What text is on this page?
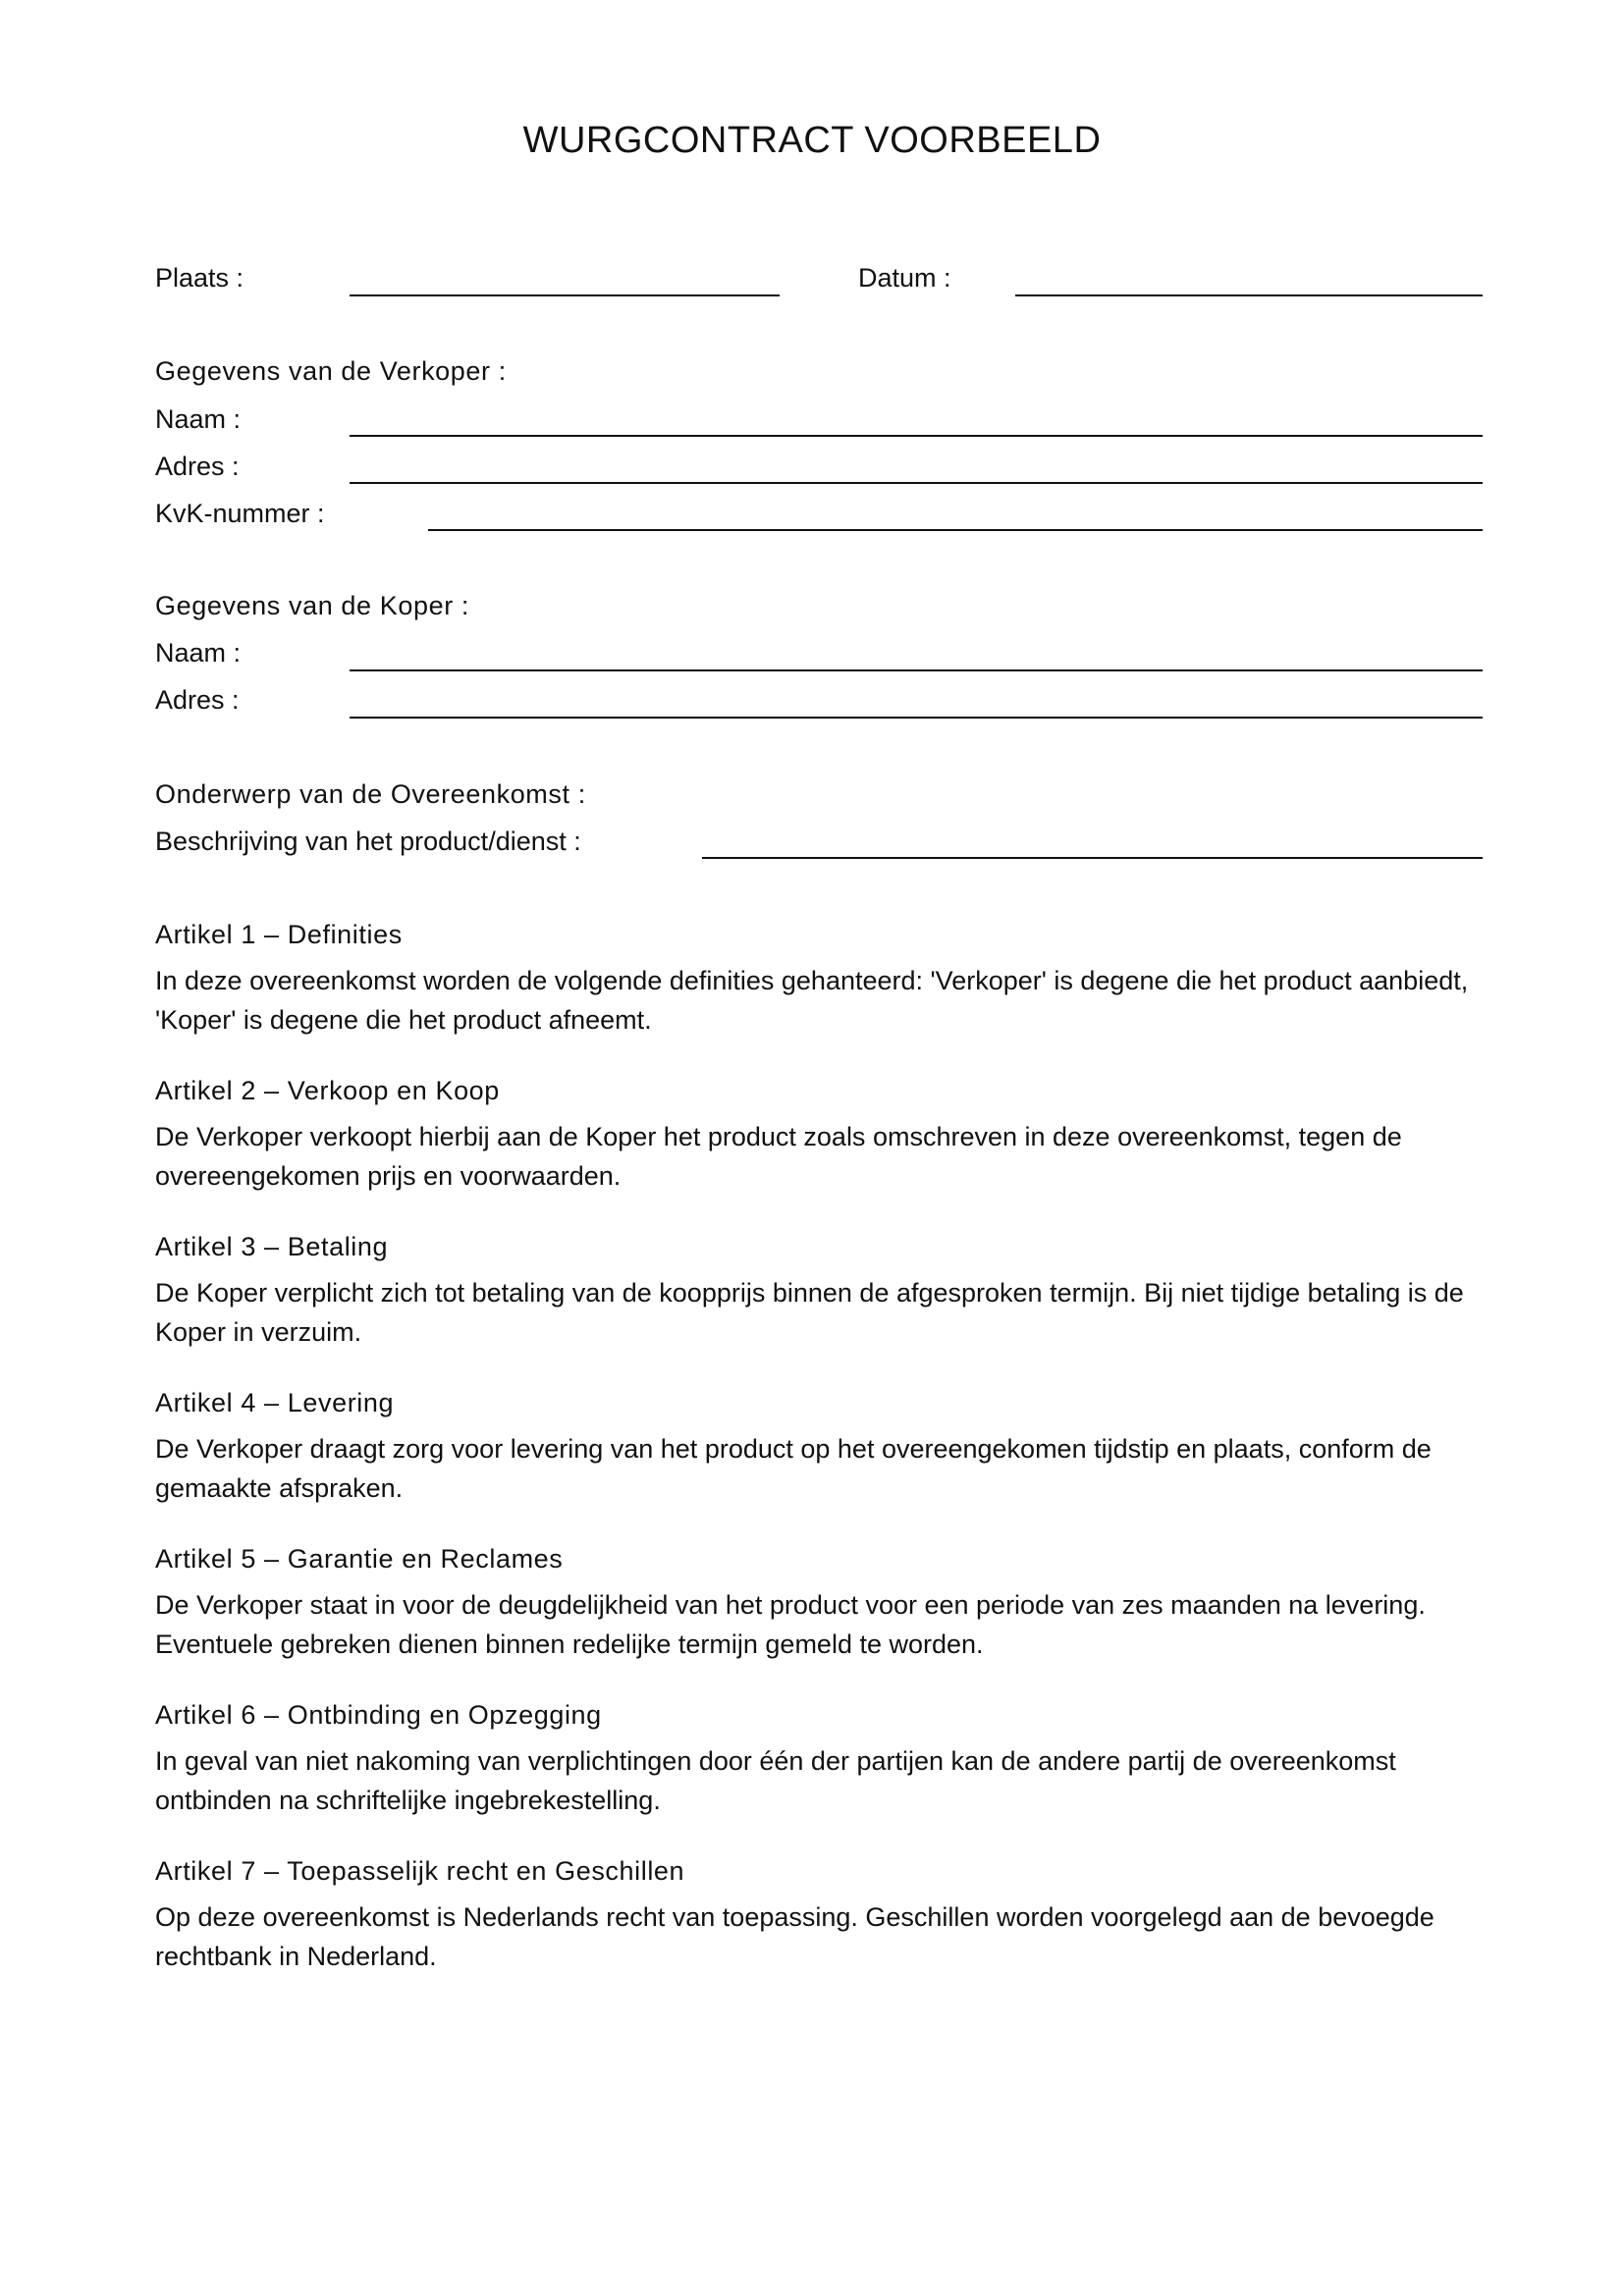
WURGCONTRACT VOORBEELD
Plaats :	Datum :
Gegevens van de Verkoper :
Naam :
Adres :
KvK-nummer :
Gegevens van de Koper :
Naam :
Adres :
Onderwerp van de Overeenkomst :
Beschrijving van het product/dienst :
Artikel 1 – Definities
In deze overeenkomst worden de volgende definities gehanteerd: 'Verkoper' is degene die het product aanbiedt, 'Koper' is degene die het product afneemt.
Artikel 2 – Verkoop en Koop
De Verkoper verkoopt hierbij aan de Koper het product zoals omschreven in deze overeenkomst, tegen de overeengekomen prijs en voorwaarden.
Artikel 3 – Betaling
De Koper verplicht zich tot betaling van de koopprijs binnen de afgesproken termijn. Bij niet tijdige betaling is de Koper in verzuim.
Artikel 4 – Levering
De Verkoper draagt zorg voor levering van het product op het overeengekomen tijdstip en plaats, conform de gemaakte afspraken.
Artikel 5 – Garantie en Reclames
De Verkoper staat in voor de deugdelijkheid van het product voor een periode van zes maanden na levering. Eventuele gebreken dienen binnen redelijke termijn gemeld te worden.
Artikel 6 – Ontbinding en Opzegging
In geval van niet nakoming van verplichtingen door één der partijen kan de andere partij de overeenkomst ontbinden na schriftelijke ingebrekestelling.
Artikel 7 – Toepasselijk recht en Geschillen
Op deze overeenkomst is Nederlands recht van toepassing. Geschillen worden voorgelegd aan de bevoegde rechtbank in Nederland.
